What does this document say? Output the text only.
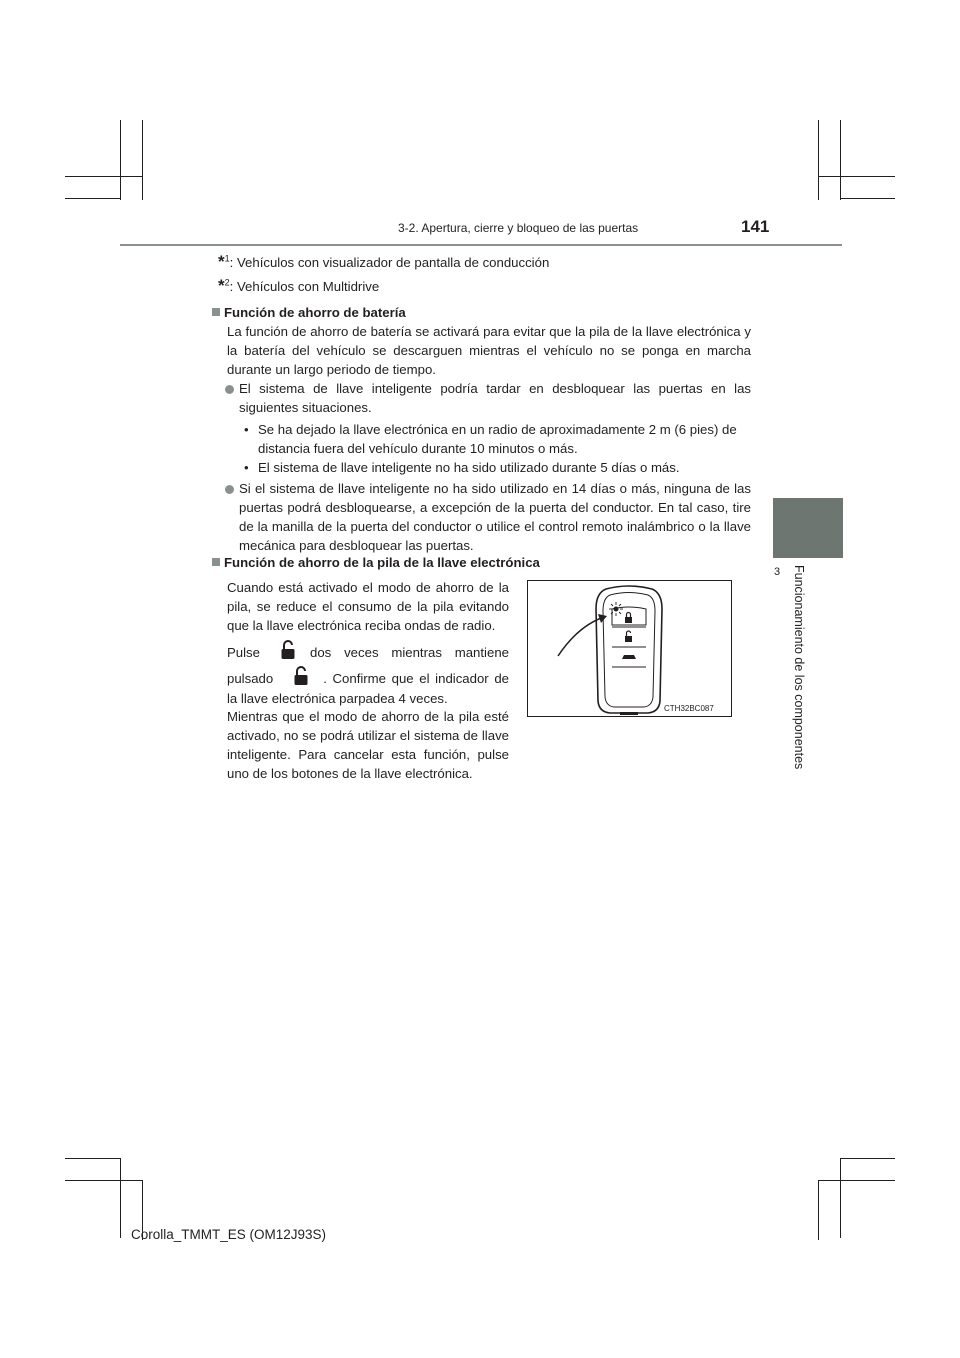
3-2. Apertura, cierre y bloqueo de las puertas	141
3 Funcionamiento de los componentes
*$^1$: Vehículos con visualizador de pantalla de conducción
*$^2$: Vehículos con Multidrive
Función de ahorro de batería
La función de ahorro de batería se activará para evitar que la pila de la llave electrónica y la batería del vehículo se descarguen mientras el vehículo no se ponga en marcha durante un largo periodo de tiempo.
El sistema de llave inteligente podría tardar en desbloquear las puertas en las siguientes situaciones.
• Se ha dejado la llave electrónica en un radio de aproximadamente 2 m (6 pies) de distancia fuera del vehículo durante 10 minutos o más.
• El sistema de llave inteligente no ha sido utilizado durante 5 días o más.
Si el sistema de llave inteligente no ha sido utilizado en 14 días o más, ninguna de las puertas podrá desbloquearse, a excepción de la puerta del conductor. En tal caso, tire de la manilla de la puerta del conductor o utilice el control remoto inalámbrico o la llave mecánica para desbloquear las puertas.
Función de ahorro de la pila de la llave electrónica
Cuando está activado el modo de ahorro de la pila, se reduce el consumo de la pila evitando que la llave electrónica reciba ondas de radio.
Pulse	dos veces mientras mantiene
pulsado	. Confirme que el indicador de
la llave electrónica parpadea 4 veces.
Mientras que el modo de ahorro de la pila esté activado, no se podrá utilizar el sistema de llave inteligente. Para cancelar esta función, pulse uno de los botones de la llave electrónica.
CTH32BC087
Corolla_TMMT_ES (OM12J93S)
